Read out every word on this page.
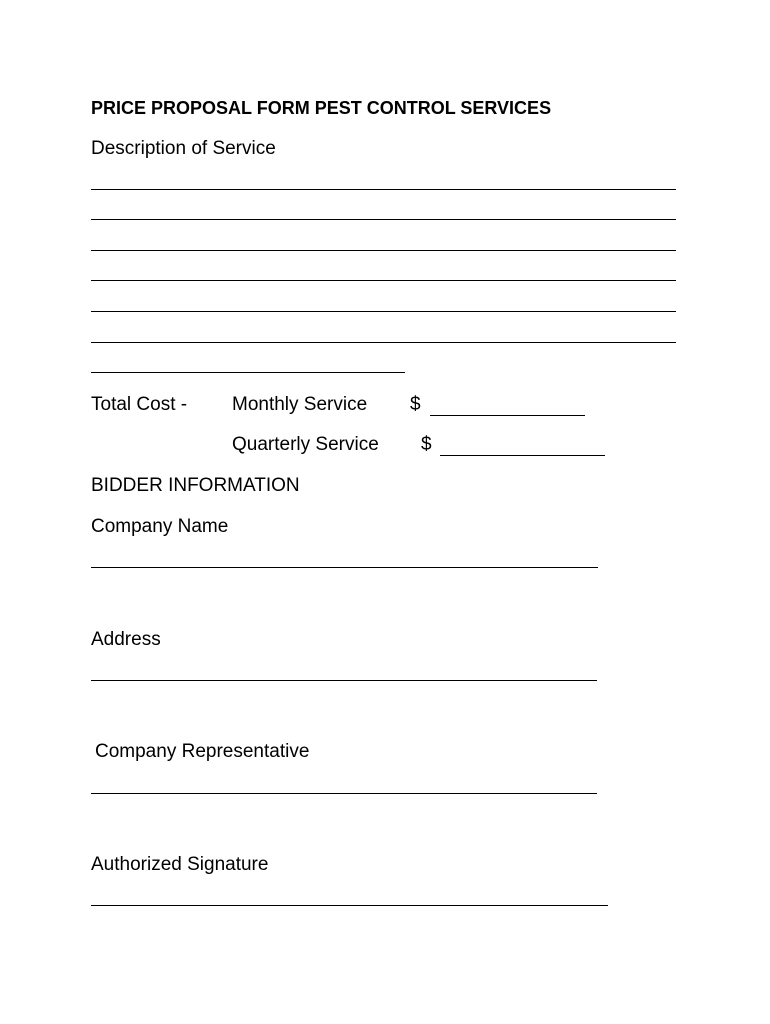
PRICE PROPOSAL FORM PEST CONTROL SERVICES
Description of Service
Total Cost - Monthly Service $
Quarterly Service $
BIDDER INFORMATION
Company Name
Address
Company Representative
Authorized Signature
